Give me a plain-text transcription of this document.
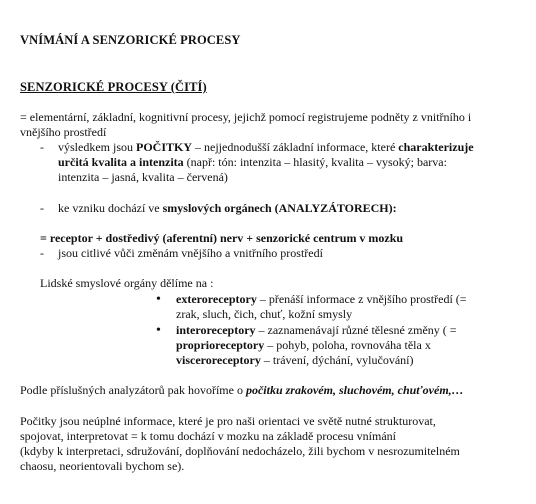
VNÍMÁNÍ A SENZORICKÉ PROCESY
SENZORICKÉ PROCESY (ČITÍ)
= elementární, základní, kognitivní procesy, jejichž pomocí registrujeme podněty z vnitřního i
vnějšího prostředí
- výsledkem jsou POČITKY – nejjednodušší základní informace, které charakterizuje
určitá kvalita a intenzita (např: tón: intenzita – hlasitý, kvalita – vysoký; barva:
intenzita – jasná, kvalita – červená)
- ke vzniku dochází ve smyslových orgánech (ANALYZÁTORECH):
= receptor + dostředivý (aferentní) nerv + senzorické centrum v mozku
- jsou citlivé vůči změnám vnějšího a vnitřního prostředí
Lidské smyslové orgány dělíme na :
• exteroreceptory – přenáší informace z vnějšího prostředí (=
zrak, sluch, čich, chuť, kožní smysly
• interoreceptory – zaznamenávají různé tělesné změny ( =
proprioreceptory – pohyb, poloha, rovnováha těla x
visceroreceptory – trávení, dýchání, vylučování)
Podle příslušných analyzátorů pak hovoříme o počitku zrakovém, sluchovém, chuťovém,…
Počitky jsou neúplné informace, které je pro naši orientaci ve světě nutné strukturovat,
spojovat, interpretovat = k tomu dochází v mozku na základě procesu vnímání
(kdyby k interpretaci, sdružování, doplňování nedocházelo, žili bychom v nesrozumitelném
chaosu, neorientovali bychom se).
